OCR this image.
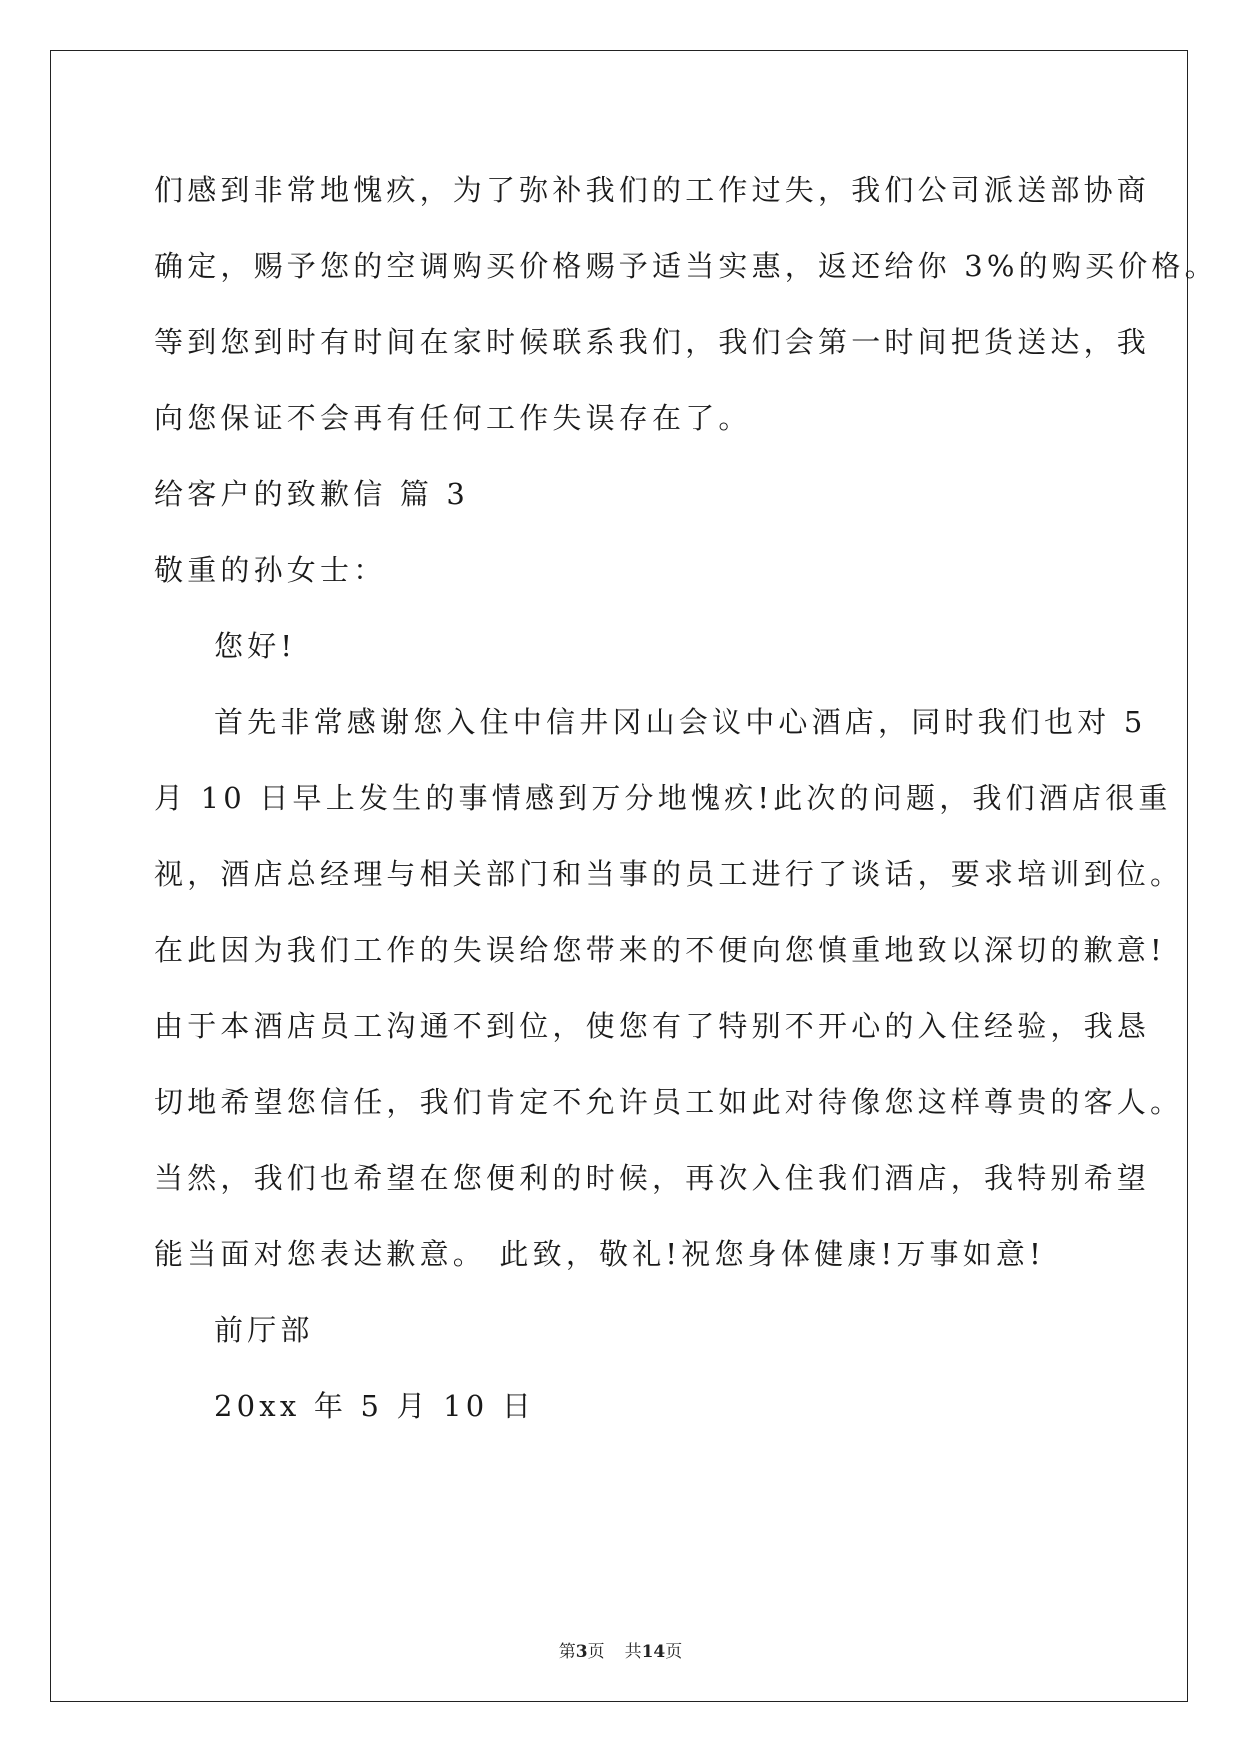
们感到非常地愧疚，为了弥补我们的工作过失，我们公司派送部协商
确定，赐予您的空调购买价格赐予适当实惠，返还给你 3%的购买价格。
等到您到时有时间在家时候联系我们，我们会第一时间把货送达，我
向您保证不会再有任何工作失误存在了。
给客户的致歉信 篇 3
敬重的孙女士：
您好!
首先非常感谢您入住中信井冈山会议中心酒店，同时我们也对 5
月 10 日早上发生的事情感到万分地愧疚!此次的问题，我们酒店很重
视，酒店总经理与相关部门和当事的员工进行了谈话，要求培训到位。
在此因为我们工作的失误给您带来的不便向您慎重地致以深切的歉意!
由于本酒店员工沟通不到位，使您有了特别不开心的入住经验，我恳
切地希望您信任，我们肯定不允许员工如此对待像您这样尊贵的客人。
当然，我们也希望在您便利的时候，再次入住我们酒店，我特别希望
能当面对您表达歉意。 此致，敬礼!祝您身体健康!万事如意!
前厅部
20xx 年 5 月 10 日
第3页 共14页
